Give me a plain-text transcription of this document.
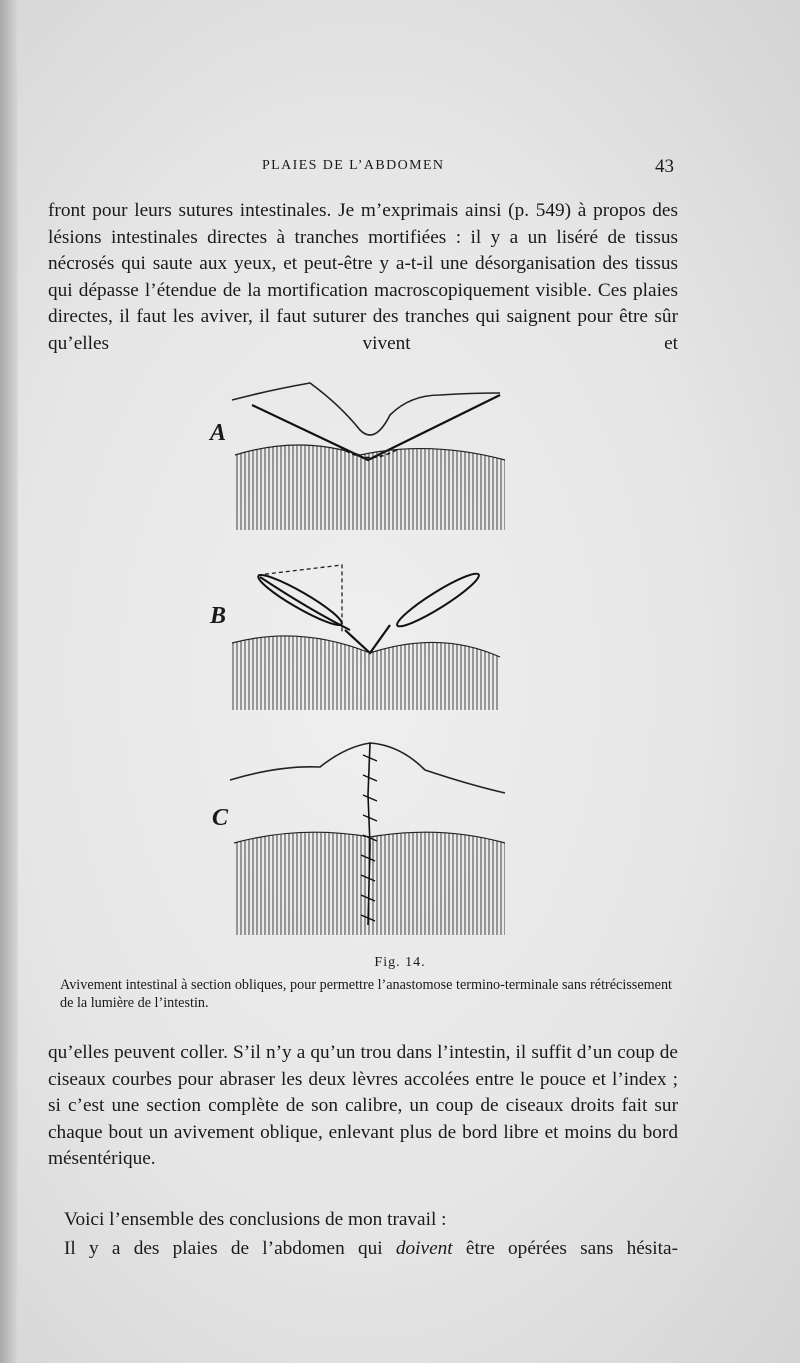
PLAIES DE L’ABDOMEN	43

front pour leurs sutures intestinales. Je m’exprimais ainsi (p. 549) à propos des lésions intestinales directes à tranches mortifiées : il y a un liséré de tissus nécrosés qui saute aux yeux, et peut-être y a-t-il une désorganisation des tissus qui dépasse l’étendue de la mortification macroscopiquement visible. Ces plaies directes, il faut les aviver, il faut suturer des tranches qui saignent pour être sûr qu’elles vivent et

A
B
C
Fig. 14.

Avivement intestinal à section obliques, pour permettre l’anastomose termino-terminale sans rétrécissement de la lumière de l’intestin.

qu’elles peuvent coller. S’il n’y a qu’un trou dans l’intestin, il suffit d’un coup de ciseaux courbes pour abraser les deux lèvres accolées entre le pouce et l’index ; si c’est une section complète de son calibre, un coup de ciseaux droits fait sur chaque bout un avivement oblique, enlevant plus de bord libre et moins du bord mésentérique.

Voici l’ensemble des conclusions de mon travail :

Il y a des plaies de l’abdomen qui doivent être opérées sans hésita-
